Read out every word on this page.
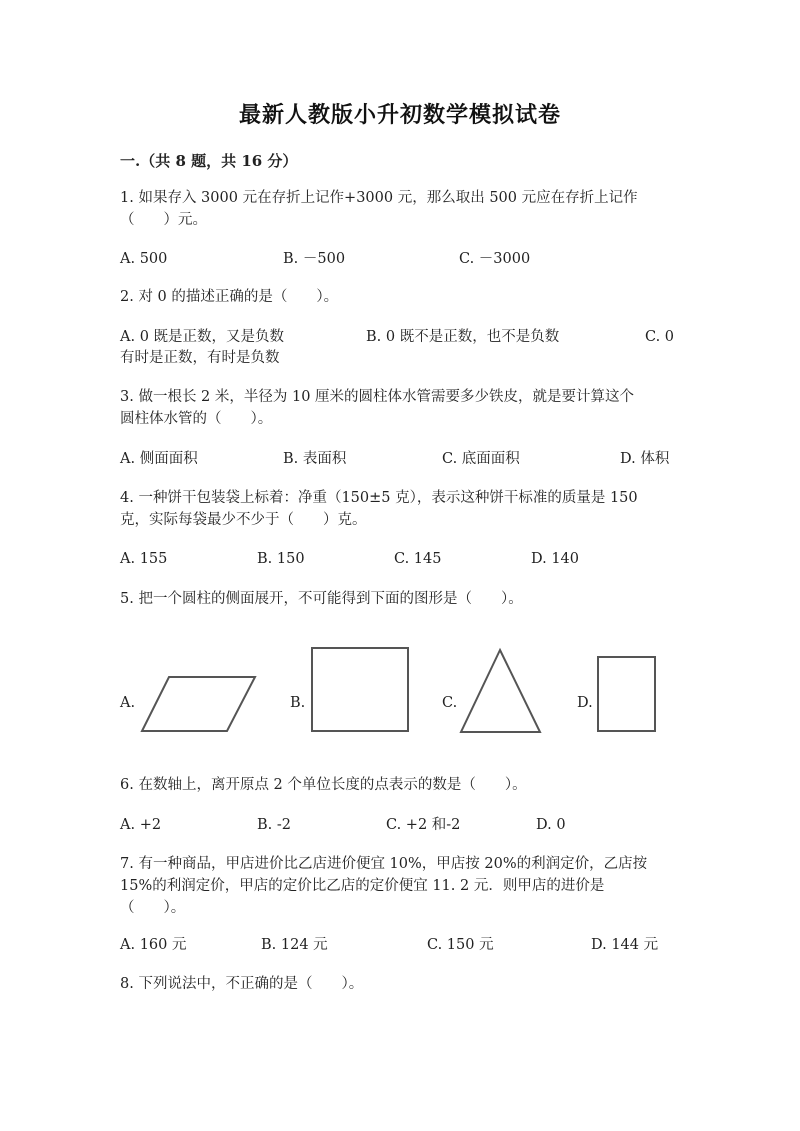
最新人教版小升初数学模拟试卷
一.（共 8 题，共 16 分）
1. 如果存入 3000 元在存折上记作+3000 元，那么取出 500 元应在存折上记作
（　　）元。
A. 500	B. －500	C. －3000
2. 对 0 的描述正确的是（　　）。
A. 0 既是正数，又是负数	B. 0 既不是正数，也不是负数	C. 0
有时是正数，有时是负数
3. 做一根长 2 米，半径为 10 厘米的圆柱体水管需要多少铁皮，就是要计算这个
圆柱体水管的（　　）。
A. 侧面面积	B. 表面积	C. 底面面积	D. 体积
4. 一种饼干包装袋上标着：净重（150±5 克），表示这种饼干标准的质量是 150
克，实际每袋最少不少于（　　）克。
A. 155	B. 150	C. 145	D. 140
5. 把一个圆柱的侧面展开，不可能得到下面的图形是（　　）。
A.	B.	C.	D.
6. 在数轴上，离开原点 2 个单位长度的点表示的数是（　　）。
A. +2	B. -2	C. +2 和-2	D. 0
7. 有一种商品，甲店进价比乙店进价便宜 10%，甲店按 20%的利润定价，乙店按
15%的利润定价，甲店的定价比乙店的定价便宜 11. 2 元．则甲店的进价是
（　　）。
A. 160 元	B. 124 元	C. 150 元	D. 144 元
8. 下列说法中，不正确的是（　　）。
